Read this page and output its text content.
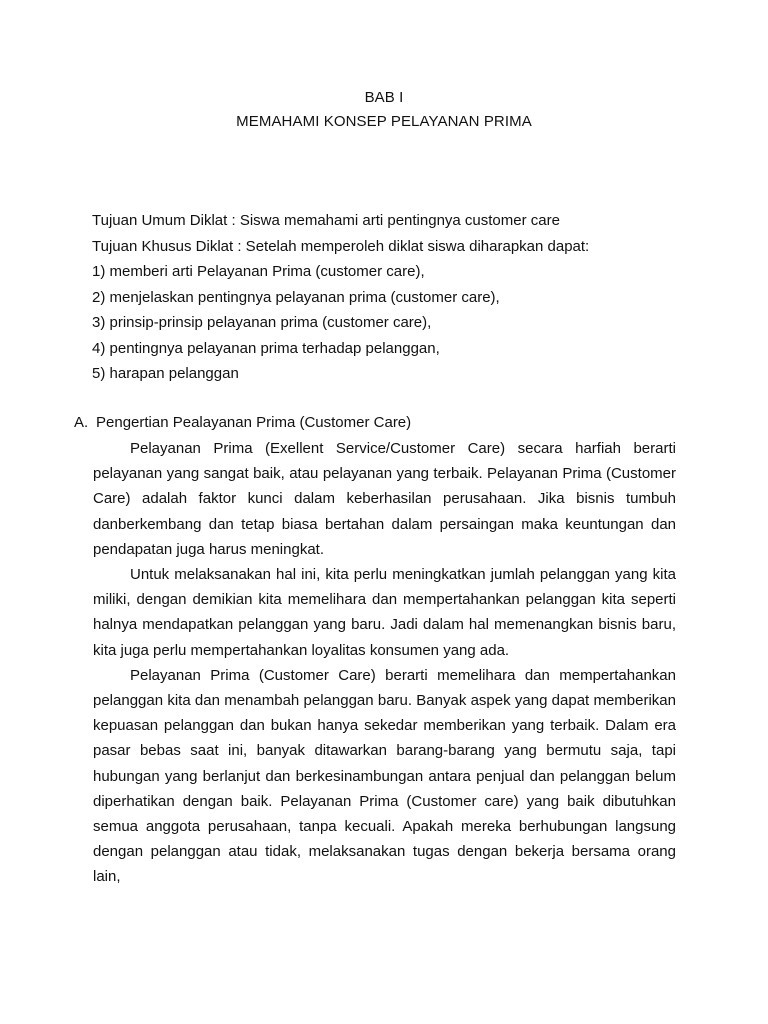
BAB I
MEMAHAMI KONSEP PELAYANAN PRIMA
Tujuan Umum Diklat : Siswa memahami arti pentingnya customer care
Tujuan Khusus Diklat : Setelah memperoleh diklat siswa diharapkan dapat:
1) memberi arti Pelayanan Prima (customer care),
2) menjelaskan pentingnya pelayanan prima (customer care),
3) prinsip-prinsip pelayanan prima (customer care),
4) pentingnya pelayanan prima terhadap pelanggan,
5) harapan pelanggan
A. Pengertian Pealayanan Prima (Customer Care)

Pelayanan Prima (Exellent Service/Customer Care) secara harfiah berarti pelayanan yang sangat baik, atau pelayanan yang terbaik. Pelayanan Prima (Customer Care) adalah faktor kunci dalam keberhasilan perusahaan. Jika bisnis tumbuh danberkembang dan tetap biasa bertahan dalam persaingan maka keuntungan dan pendapatan juga harus meningkat.

Untuk melaksanakan hal ini, kita perlu meningkatkan jumlah pelanggan yang kita miliki, dengan demikian kita memelihara dan mempertahankan pelanggan kita seperti halnya mendapatkan pelanggan yang baru. Jadi dalam hal memenangkan bisnis baru, kita juga perlu mempertahankan loyalitas konsumen yang ada.

Pelayanan Prima (Customer Care) berarti memelihara dan mempertahankan pelanggan kita dan menambah pelanggan baru. Banyak aspek yang dapat memberikan kepuasan pelanggan dan bukan hanya sekedar memberikan yang terbaik. Dalam era pasar bebas saat ini, banyak ditawarkan barang-barang yang bermutu saja, tapi hubungan yang berlanjut dan berkesinambungan antara penjual dan pelanggan belum diperhatikan dengan baik. Pelayanan Prima (Customer care) yang baik dibutuhkan semua anggota perusahaan, tanpa kecuali. Apakah mereka berhubungan langsung dengan pelanggan atau tidak, melaksanakan tugas dengan bekerja bersama orang lain,
